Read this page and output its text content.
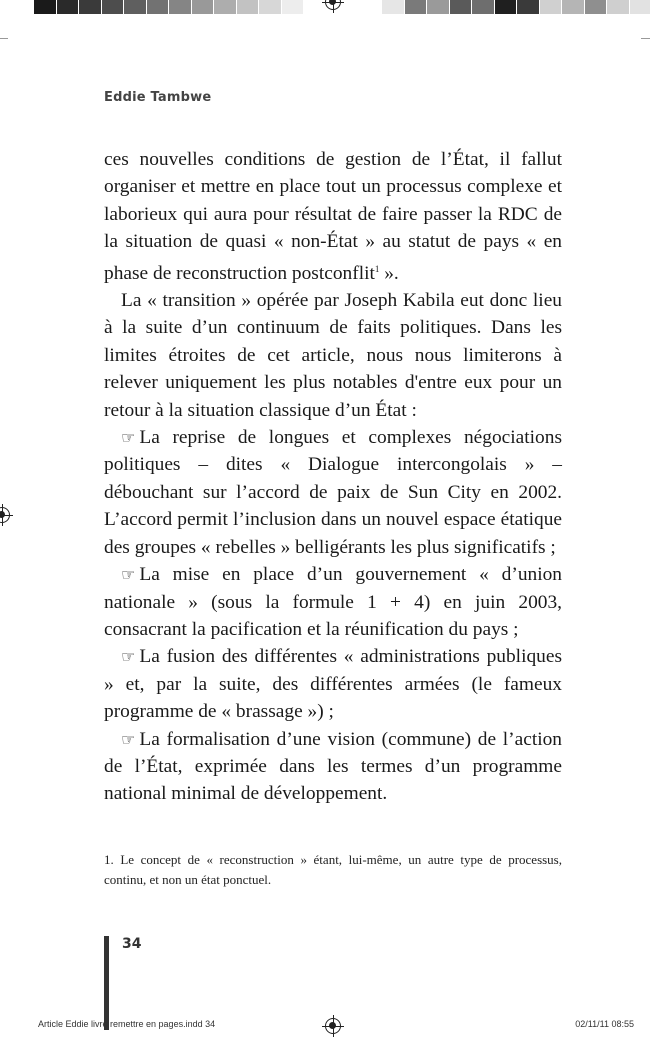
Eddie Tambwe

ces nouvelles conditions de gestion de l’État, il fallut organiser et mettre en place tout un processus complexe et laborieux qui aura pour résultat de faire passer la RDC de la situation de quasi « non-État » au statut de pays « en phase de reconstruction postconflit$^1$ ».

La « transition » opérée par Joseph Kabila eut donc lieu à la suite d’un continuum de faits politiques. Dans les limites étroites de cet article, nous nous limiterons à relever uniquement les plus notables d'entre eux pour un retour à la situation classique d’un État :

☞ La reprise de longues et complexes négociations politiques – dites « Dialogue intercongolais » – débouchant sur l’accord de paix de Sun City en 2002. L’accord permit l’inclusion dans un nouvel espace étatique des groupes « rebelles » belligérants les plus significatifs ;

☞ La mise en place d’un gouvernement « d’union nationale » (sous la formule 1 + 4) en juin 2003, consacrant la pacification et la réunification du pays ;

☞ La fusion des différentes « administrations publiques » et, par la suite, des différentes armées (le fameux programme de « brassage ») ;

☞ La formalisation d’une vision (commune) de l’action de l’État, exprimée dans les termes d’un programme national minimal de développement.

1. Le concept de « reconstruction » étant, lui-même, un autre type de processus, continu, et non un état ponctuel.
34
Article Eddie livre remettre en pages.indd 34	02/11/11 08:55
